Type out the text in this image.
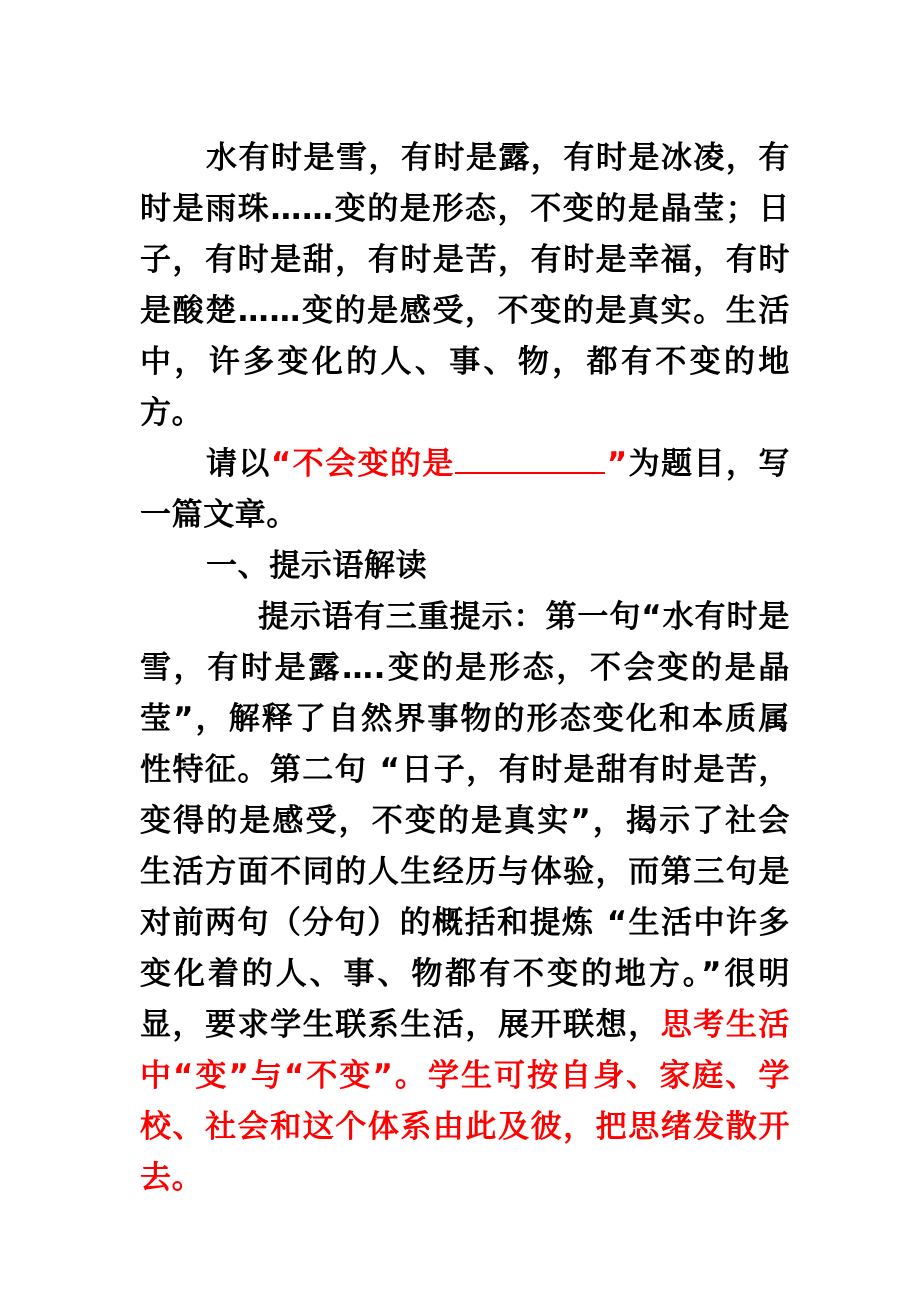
水有时是雪，有时是露，有时是冰凌，有时是雨珠……变的是形态，不变的是晶莹；日子，有时是甜，有时是苦，有时是幸福，有时是酸楚……变的是感受，不变的是真实。生活中，许多变化的人、事、物，都有不变的地方。

请以“不会变的是	”为题目，写一篇文章。

一、提示语解读

提示语有三重提示：第一句“水有时是雪，有时是露….变的是形态，不会变的是晶莹”，解释了自然界事物的形态变化和本质属性特征。第二句 “日子，有时是甜有时是苦，变得的是感受，不变的是真实”，揭示了社会生活方面不同的人生经历与体验，而第三句是对前两句（分句）的概括和提炼 “生活中许多变化着的人、事、物都有不变的地方。”很明显，要求学生联系生活，展开联想，思考生活中“变”与“不变”。学生可按自身、家庭、学校、社会和这个体系由此及彼，把思绪发散开去。
